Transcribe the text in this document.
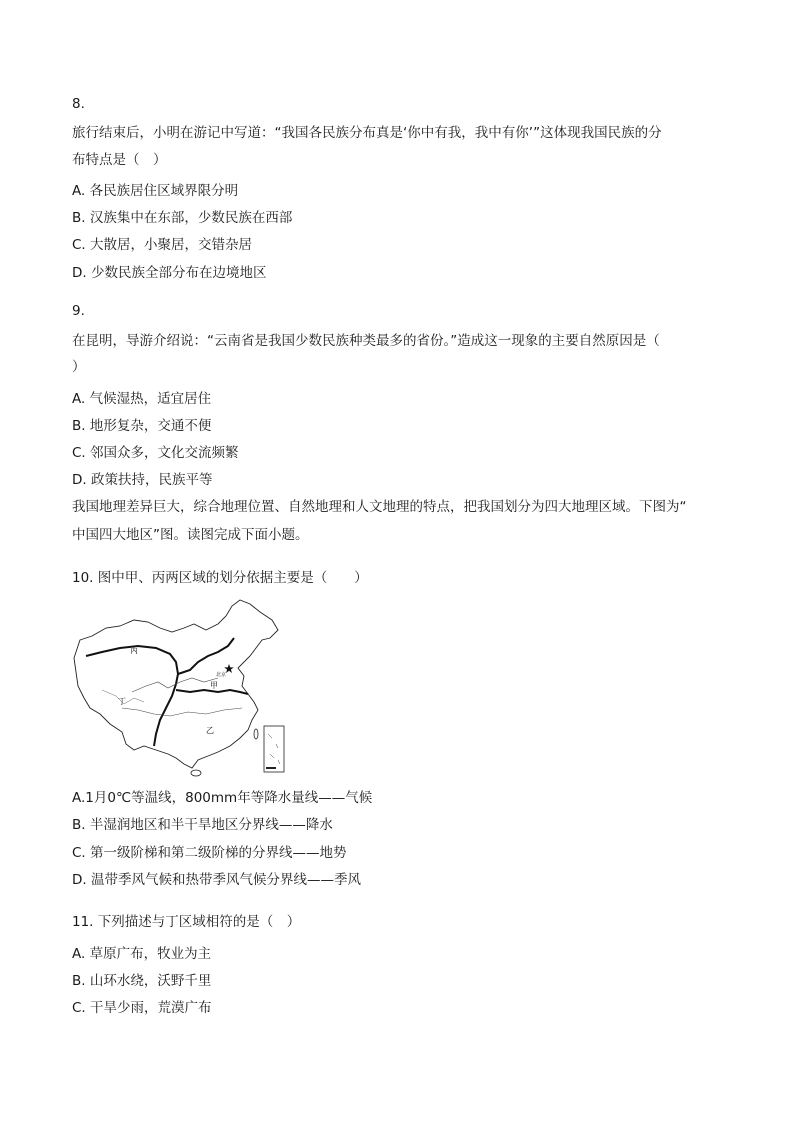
8.
旅行结束后，小明在游记中写道：“我国各民族分布真是‘你中有我，我中有你’”这体现我国民族的分
布特点是（　）
A. 各民族居住区域界限分明
B. 汉族集中在东部，少数民族在西部
C. 大散居，小聚居，交错杂居
D. 少数民族全部分布在边境地区
9.
在昆明，导游介绍说：“云南省是我国少数民族种类最多的省份。”造成这一现象的主要自然原因是（
）
A. 气候湿热，适宜居住
B. 地形复杂，交通不便
C. 邻国众多，文化交流频繁
D. 政策扶持，民族平等
我国地理差异巨大，综合地理位置、自然地理和人文地理的特点，把我国划分为四大地理区域。下图为“
中国四大地区”图。读图完成下面小题。
10. 图中甲、丙两区域的划分依据主要是（　　）
丙
甲
乙
丁
北京
A.1月0℃等温线，800mm年等降水量线——气候
B. 半湿润地区和半干旱地区分界线——降水
C. 第一级阶梯和第二级阶梯的分界线——地势
D. 温带季风气候和热带季风气候分界线——季风
11. 下列描述与丁区域相符的是（　）
A. 草原广布，牧业为主
B. 山环水绕，沃野千里
C. 干旱少雨，荒漠广布
